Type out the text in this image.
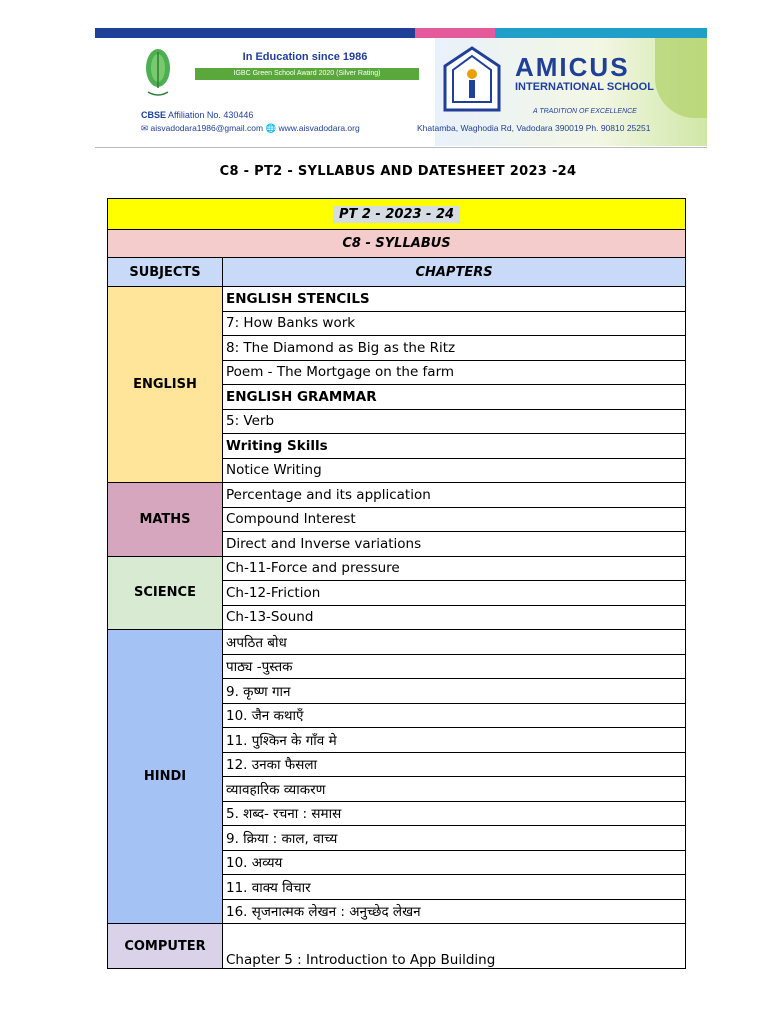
In Education since 1986
IGBC Green School Award 2020 (Silver Rating)
CBSE Affiliation No. 430446
✉ aisvadodara1986@gmail.com 🌐 www.aisvadodara.org
AMICUS
INTERNATIONAL SCHOOL
A TRADITION OF EXCELLENCE
Khatamba, Waghodia Rd, Vadodara 390019 Ph. 90810 25251
C8 - PT2 - SYLLABUS AND DATESHEET 2023 -24
PT 2 - 2023 - 24	
C8 - SYLLABUS	
SUBJECTS	CHAPTERS
ENGLISH	ENGLISH STENCILS
	7: How Banks work
	8: The Diamond as Big as the Ritz
	Poem - The Mortgage on the farm
	ENGLISH GRAMMAR
	5: Verb
	Writing Skills
	Notice Writing
MATHS	Percentage and its application
	Compound Interest
	Direct and Inverse variations
SCIENCE	Ch-11-Force and pressure
	Ch-12-Friction
	Ch-13-Sound
HINDI	अपठित बोध
	पाठ्य -पुस्तक
	9. कृष्ण गान
	10. जैन कथाऍं
	11. पुश्किन के गाँव मे
	12. उनका फैसला
	व्यावहारिक व्याकरण
	5. शब्द- रचना : समास
	9. क्रिया : काल, वाच्य
	10. अव्यय
	11. वाक्य विचार
	16. सृजनात्मक लेखन : अनुच्छेद लेखन
COMPUTER	Chapter 5 : Introduction to App Building
